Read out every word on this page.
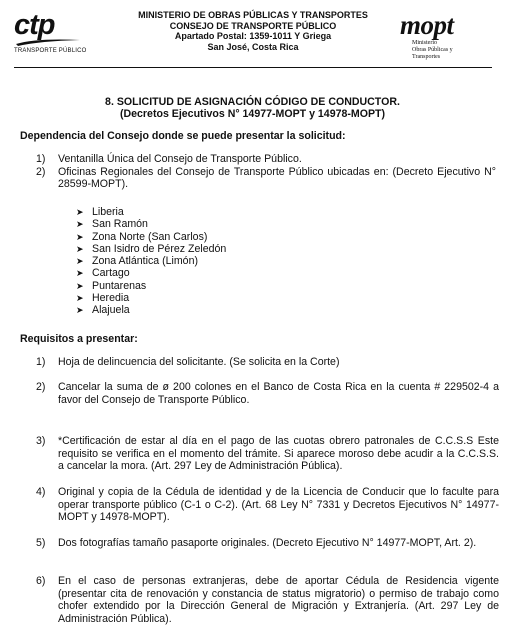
ctp
TRANSPORTE PÚBLICO
MINISTERIO DE OBRAS PÚBLICAS Y TRANSPORTES
CONSEJO DE TRANSPORTE PÚBLICO
Apartado Postal: 1359-1011 Y Griega
San José, Costa Rica
mopt
Ministerio
Obras Públicas y
Transportes
8. SOLICITUD DE ASIGNACIÓN CÓDIGO DE CONDUCTOR.
(Decretos Ejecutivos N° 14977-MOPT y 14978-MOPT)
Dependencia del Consejo donde se puede presentar la solicitud:
1) Ventanilla Única del Consejo de Transporte Público.
2) Oficinas Regionales del Consejo de Transporte Público ubicadas en: (Decreto Ejecutivo N° 28599-MOPT).
➤ Liberia
➤ San Ramón
➤ Zona Norte (San Carlos)
➤ San Isidro de Pérez Zeledón
➤ Zona Atlántica (Limón)
➤ Cartago
➤ Puntarenas
➤ Heredia
➤ Alajuela
Requisitos a presentar:
1) Hoja de delincuencia del solicitante. (Se solicita en la Corte)
2) Cancelar la suma de ø 200 colones en el Banco de Costa Rica en la cuenta # 229502-4 a favor del Consejo de Transporte Público.
3) *Certificación de estar al día en el pago de las cuotas obrero patronales de C.C.S.S Este requisito se verifica en el momento del trámite. Si aparece moroso debe acudir a la C.C.S.S. a cancelar la mora. (Art. 297 Ley de Administración Pública).
4) Original y copia de la Cédula de identidad y de la Licencia de Conducir que lo faculte para operar transporte público (C-1 o C-2). (Art. 68 Ley N° 7331 y Decretos Ejecutivos N° 14977-MOPT y 14978-MOPT).
5) Dos fotografías tamaño pasaporte originales. (Decreto Ejecutivo N° 14977-MOPT, Art. 2).
6) En el caso de personas extranjeras, debe de aportar Cédula de Residencia vigente (presentar cita de renovación y constancia de status migratorio) o permiso de trabajo como chofer extendido por la Dirección General de Migración y Extranjería. (Art. 297 Ley de Administración Pública).
